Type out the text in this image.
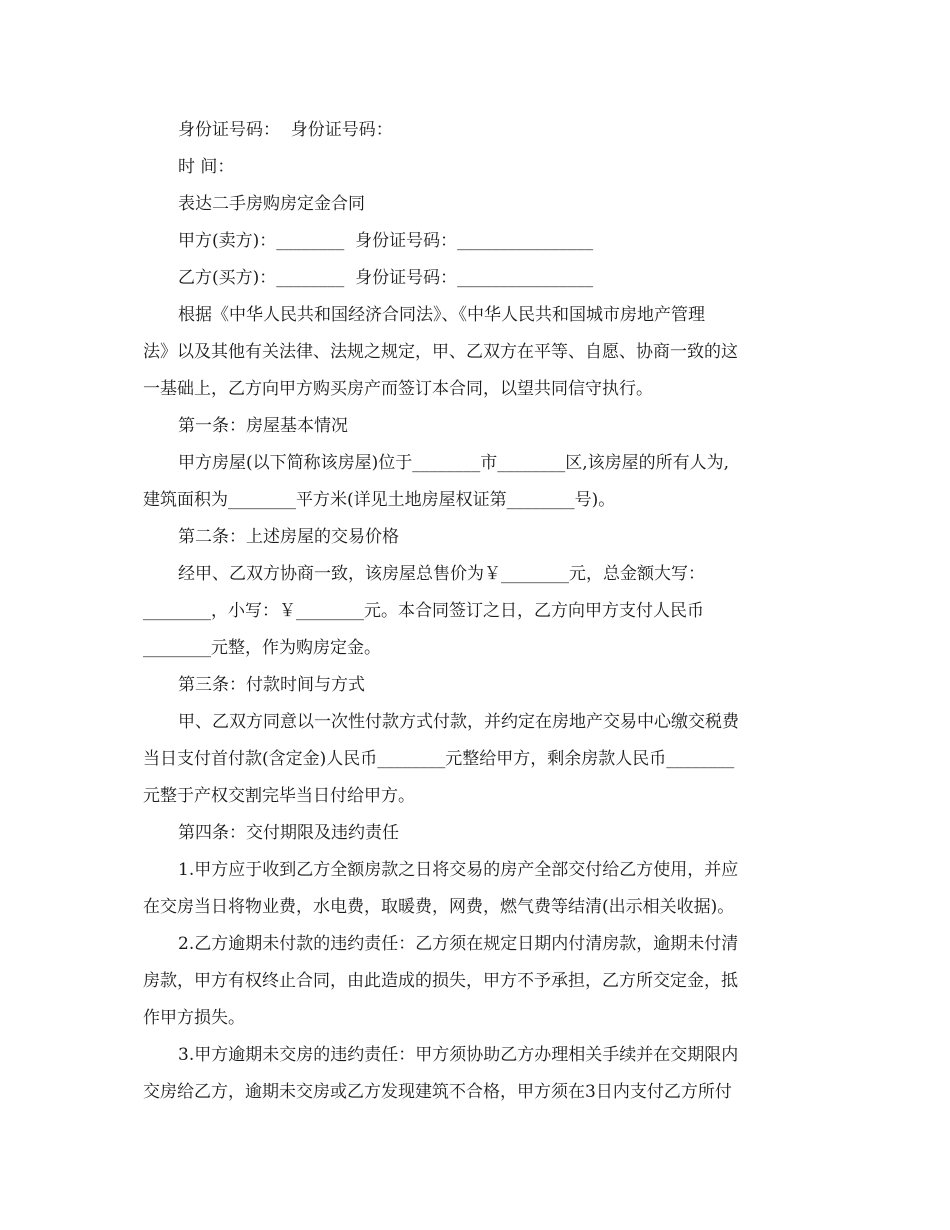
身份证号码：  身份证号码：
时 间：
表达二手房购房定金合同
甲方(卖方)：________  身份证号码：________________
乙方(买方)：________  身份证号码：________________
根据《中华人民共和国经济合同法》、《中华人民共和国城市房地产管理
法》以及其他有关法律、法规之规定，甲、乙双方在平等、自愿、协商一致的这
一基础上，乙方向甲方购买房产而签订本合同，以望共同信守执行。
第一条：房屋基本情况
甲方房屋(以下简称该房屋)位于________市________区,该房屋的所有人为,
建筑面积为________平方米(详见土地房屋权证第________号)。
第二条：上述房屋的交易价格
经甲、乙双方协商一致，该房屋总售价为￥________元，总金额大写：
________，小写：￥________元。本合同签订之日，乙方向甲方支付人民币
________元整，作为购房定金。
第三条：付款时间与方式
甲、乙双方同意以一次性付款方式付款，并约定在房地产交易中心缴交税费
当日支付首付款(含定金)人民币________元整给甲方，剩余房款人民币________
元整于产权交割完毕当日付给甲方。
第四条：交付期限及违约责任
1.甲方应于收到乙方全额房款之日将交易的房产全部交付给乙方使用，并应
在交房当日将物业费，水电费，取暖费，网费，燃气费等结清(出示相关收据)。
2.乙方逾期未付款的违约责任：乙方须在规定日期内付清房款，逾期未付清
房款，甲方有权终止合同，由此造成的损失，甲方不予承担，乙方所交定金，抵
作甲方损失。
3.甲方逾期未交房的违约责任：甲方须协助乙方办理相关手续并在交期限内
交房给乙方，逾期未交房或乙方发现建筑不合格，甲方须在3日内支付乙方所付
